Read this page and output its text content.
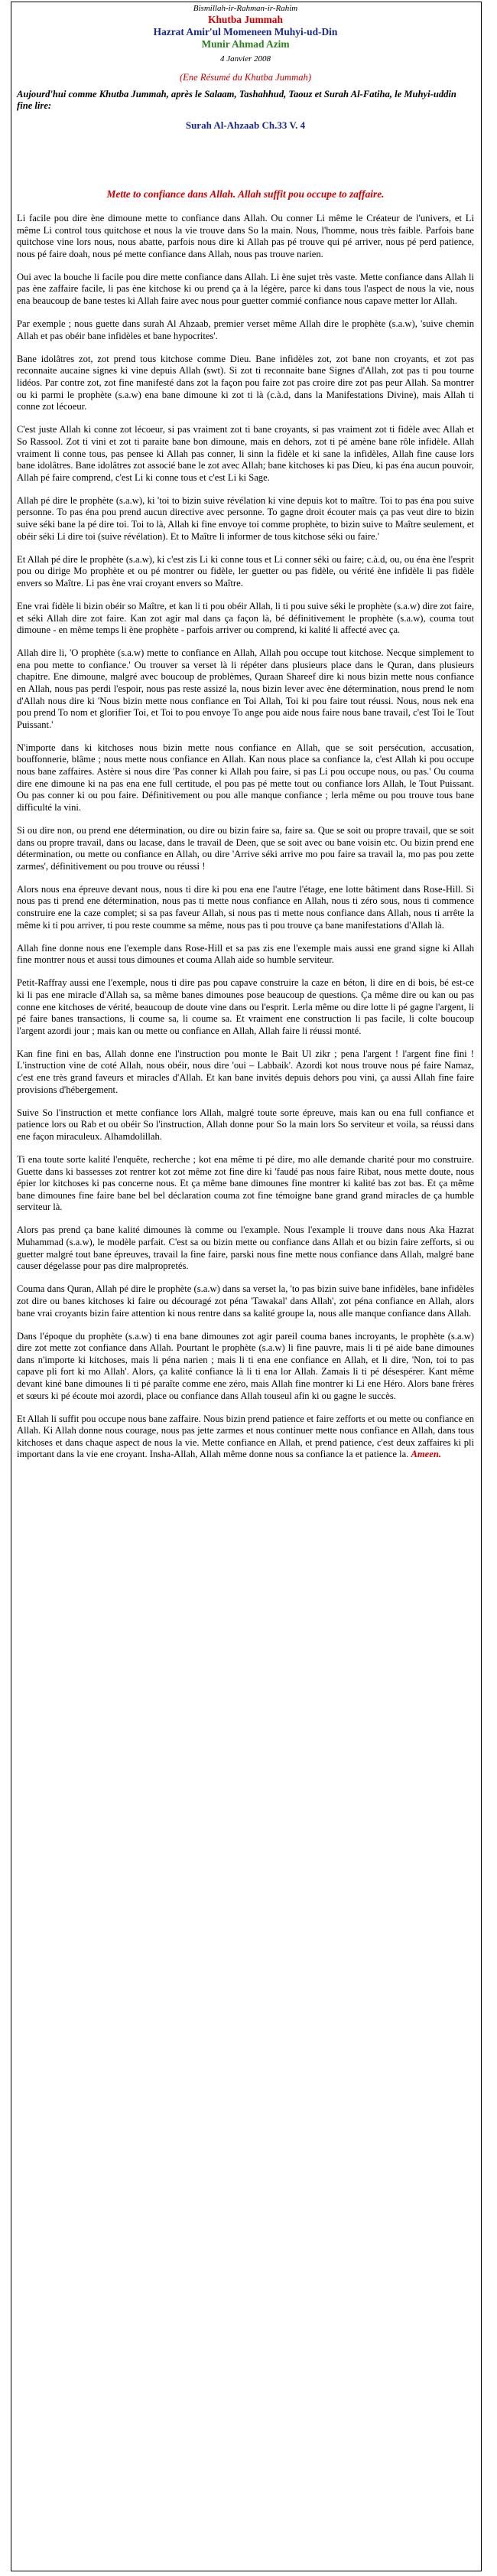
Bismillah-ir-Rahman-ir-Rahim
Khutba Jummah
Hazrat Amir'ul Momeneen Muhyi-ud-Din
Munir Ahmad Azim
4 Janvier 2008
(Ene Résumé du Khutba Jummah)
Aujourd'hui comme Khutba Jummah, après le Salaam, Tashahhud, Taouz et Surah Al-Fatiha, le Muhyi-uddin fine lire:
Surah Al-Ahzaab Ch.33 V. 4
Mette to confiance dans Allah. Allah suffit pou occupe to zaffaire.

Li facile pou dire ène dimoune mette to confiance dans Allah. Ou conner Li même le Créateur de l'univers, et Li même Li control tous quitchose et nous la vie trouve dans So la main. Nous, l'homme, nous très faible. Parfois bane quitchose vine lors nous, nous abatte, parfois nous dire ki Allah pas pé trouve qui pé arriver, nous pé perd patience, nous pé faire doah, nous pé mette confiance dans Allah, nous pas trouve narien.

Oui avec la bouche li facile pou dire mette confiance dans Allah. Li ène sujet très vaste. Mette confiance dans Allah li pas ène zaffaire facile, li pas ène kitchose ki ou prend ça à la légère, parce ki dans tous l'aspect de nous la vie, nous ena beaucoup de bane testes ki Allah faire avec nous pour guetter commié confiance nous capave metter lor Allah.

Par exemple ; nous guette dans surah Al Ahzaab, premier verset même Allah dire le prophète (s.a.w), 'suive chemin Allah et pas obéir bane infidèles et bane hypocrites'.

Bane idolâtres zot, zot prend tous kitchose comme Dieu. Bane infidèles zot, zot bane non croyants, et zot pas reconnaite aucaine signes ki vine depuis Allah (swt). Si zot ti reconnaite bane Signes d'Allah, zot pas ti pou tourne lidéos. Par contre zot, zot fine manifesté dans zot la façon pou faire zot pas croire dire zot pas peur Allah. Sa montrer ou ki parmi le prophète (s.a.w) ena bane dimoune ki zot ti là (c.à.d, dans la Manifestations Divine), mais Allah ti conne zot lécoeur.

C'est juste Allah ki conne zot lécoeur, si pas vraiment zot ti bane croyants, si pas vraiment zot ti fidèle avec Allah et So Rassool. Zot ti vini et zot ti paraite bane bon dimoune, mais en dehors, zot ti pé amène bane rôle infidèle. Allah vraiment li conne tous, pas pensee ki Allah pas conner, li sinn la fidèle et ki sane la infidèles, Allah fine cause lors bane idolâtres. Bane idolâtres zot associé bane le zot avec Allah; bane kitchoses ki pas Dieu, ki pas éna aucun pouvoir, Allah pé faire comprend, c'est Li ki conne tous et c'est Li ki Sage.

Allah pé dire le prophète (s.a.w), ki 'toi to bizin suive révélation ki vine depuis kot to maître. Toi to pas éna pou suive personne. To pas éna pou prend aucun directive avec personne. To gagne droit écouter mais ça pas veut dire to bizin suive séki bane la pé dire toi. Toi to là, Allah ki fine envoye toi comme prophète, to bizin suive to Maître seulement, et obéir séki Li dire toi (suive révélation). Et to Maître li informer de tous kitchose séki ou faire.'

Et Allah pé dire le prophète (s.a.w), ki c'est zis Li ki conne tous et Li conner séki ou faire; c.à.d, ou, ou éna ène l'esprit pou ou dirige Mo prophète et ou pé montrer ou fidèle, ler guetter ou pas fidèle, ou vérité ène infidèle li pas fidèle envers so Maître. Li pas ène vrai croyant envers so Maître.

Ene vrai fidèle li bizin obéir so Maître, et kan li ti pou obéir Allah, li ti pou suive séki le prophète (s.a.w) dire zot faire, et séki Allah dire zot faire. Kan zot agir mal dans ça façon là, bé définitivement le prophète (s.a.w), couma tout dimoune - en même temps li ène prophète - parfois arriver ou comprend, ki kalité li affecté avec ça.

Allah dire li, 'O prophète (s.a.w) mette to confiance en Allah, Allah pou occupe tout kitchose. Necque simplement to ena pou mette to confiance.' Ou trouver sa verset là li répéter dans plusieurs place dans le Quran, dans plusieurs chapitre. Ene dimoune, malgré avec boucoup de problèmes, Quraan Shareef dire ki nous bizin mette nous confiance en Allah, nous pas perdi l'espoir, nous pas reste assizé la, nous bizin lever avec ène détermination, nous prend le nom d'Allah nous dire ki 'Nous bizin mette nous confiance en Toi Allah, Toi ki pou faire tout réussi. Nous, nous nek ena pou prend To nom et glorifier Toi, et Toi to pou envoye To ange pou aide nous faire nous bane travail, c'est Toi le Tout Puissant.'

N'importe dans ki kitchoses nous bizin mette nous confiance en Allah, que se soit persécution, accusation, bouffonnerie, blâme ; nous mette nous confiance en Allah. Kan nous place sa confiance la, c'est Allah ki pou occupe nous bane zaffaires. Astère si nous dire 'Pas conner ki Allah pou faire, si pas Li pou occupe nous, ou pas.' Ou couma dire ene dimoune ki na pas ena ene full certitude, el pou pas pé mette tout ou confiance lors Allah, le Tout Puissant. Ou pas conner ki ou pou faire. Définitivement ou pou alle manque confiance ; lerla même ou pou trouve tous bane difficulté la vini.

Si ou dire non, ou prend ene détermination, ou dire ou bizin faire sa, faire sa. Que se soit ou propre travail, que se soit dans ou propre travail, dans ou lacase, dans le travail de Deen, que se soit avec ou bane voisin etc. Ou bizin prend ene détermination, ou mette ou confiance en Allah, ou dire 'Arrive séki arrive mo pou faire sa travail la, mo pas pou zette zarmes', définitivement ou pou trouve ou réussi !

Alors nous ena épreuve devant nous, nous ti dire ki pou ena ene l'autre l'étage, ene lotte bâtiment dans Rose-Hill. Si nous pas ti prend ene détermination, nous pas ti mette nous confiance en Allah, nous ti zéro sous, nous ti commence construire ene la caze complet; si sa pas faveur Allah, si nous pas ti mette nous confiance dans Allah, nous ti arrête la même ki ti pou arriver, ti pou reste coumme sa même, nous pas ti pou trouve ça bane manifestations d'Allah là.

Allah fine donne nous ene l'exemple dans Rose-Hill et sa pas zis ene l'exemple mais aussi ene grand signe ki Allah fine montrer nous et aussi tous dimounes et couma Allah aide so humble serviteur.

Petit-Raffray aussi ene l'exemple, nous ti dire pas pou capave construire la caze en béton, li dire en di bois, bé est-ce ki li pas ene miracle d'Allah sa, sa même banes dimounes pose beaucoup de questions. Ça même dire ou kan ou pas conne ene kitchoses de vérité, beaucoup de doute vine dans ou l'esprit. Lerla même ou dire lotte li pé gagne l'argent, li pé faire banes transactions, li coume sa, li coume sa. Et vraiment ene construction li pas facile, li colte boucoup l'argent azordi jour ; mais kan ou mette ou confiance en Allah, Allah faire li réussi monté.

Kan fine fini en bas, Allah donne ene l'instruction pou monte le Bait Ul zikr ; pena l'argent ! l'argent fine fini ! L'instruction vine de coté Allah, nous obéir, nous dire 'oui – Labbaik'. Azordi kot nous trouve nous pé faire Namaz, c'est ene très grand faveurs et miracles d'Allah. Et kan bane invités depuis dehors pou vini, ça aussi Allah fine faire provisions d'hébergement.

Suive So l'instruction et mette confiance lors Allah, malgré toute sorte épreuve, mais kan ou ena full confiance et patience lors ou Rab et ou obéir So l'instruction, Allah donne pour So la main lors So serviteur et voila, sa réussi dans ene façon miraculeux. Alhamdolillah.

Ti ena toute sorte kalité l'enquête, recherche ; kot ena même ti pé dire, mo alle demande charité pour mo construire. Guette dans ki bassesses zot rentrer kot zot même zot fine dire ki 'faudé pas nous faire Ribat, nous mette doute, nous épier lor kitchoses ki pas concerne nous. Et ça même bane dimounes fine montrer ki kalité bas zot bas. Et ça même bane dimounes fine faire bane bel bel déclaration couma zot fine témoigne bane grand grand miracles de ça humble serviteur là.

Alors pas prend ça bane kalité dimounes là comme ou l'example. Nous l'example li trouve dans nous Aka Hazrat Muhammad (s.a.w), le modèle parfait. C'est sa ou bizin mette ou confiance dans Allah et ou bizin faire zefforts, si ou guetter malgré tout bane épreuves, travail la fine faire, parski nous fine mette nous confiance dans Allah, malgré bane causer dégelasse pour pas dire malpropretés.

Couma dans Quran, Allah pé dire le prophète (s.a.w) dans sa verset la, 'to pas bizin suive bane infidèles, bane infidèles zot dire ou banes kitchoses ki faire ou découragé zot péna 'Tawakal' dans Allah', zot péna confiance en Allah, alors bane vrai croyants bizin faire attention ki nous rentre dans sa kalité groupe la, nous alle manque confiance dans Allah.

Dans l'époque du prophète (s.a.w) ti ena bane dimounes zot agir pareil couma banes incroyants, le prophète (s.a.w) dire zot mette zot confiance dans Allah. Pourtant le prophète (s.a.w) li fine pauvre, mais li ti pé aide bane dimounes dans n'importe ki kitchoses, mais li péna narien ; mais li ti ena ene confiance en Allah, et li dire, 'Non, toi to pas capave pli fort ki mo Allah'. Alors, ça kalité confiance là li ti ena lor Allah. Zamais li ti pé désespérer. Kant même devant kiné bane dimounes li ti pé paraîte comme ene zéro, mais Allah fine montrer ki Li ene Héro. Alors bane frères et sœurs ki pé écoute moi azordi, place ou confiance dans Allah touseul afin ki ou gagne le succès.

Et Allah li suffit pou occupe nous bane zaffaire. Nous bizin prend patience et faire zefforts et ou mette ou confiance en Allah. Ki Allah donne nous courage, nous pas jette zarmes et nous continuer mette nous confiance en Allah, dans tous kitchoses et dans chaque aspect de nous la vie. Mette confiance en Allah, et prend patience, c'est deux zaffaires ki pli important dans la vie ene croyant. Insha-Allah, Allah même donne nous sa confiance la et patience la. Ameen.
